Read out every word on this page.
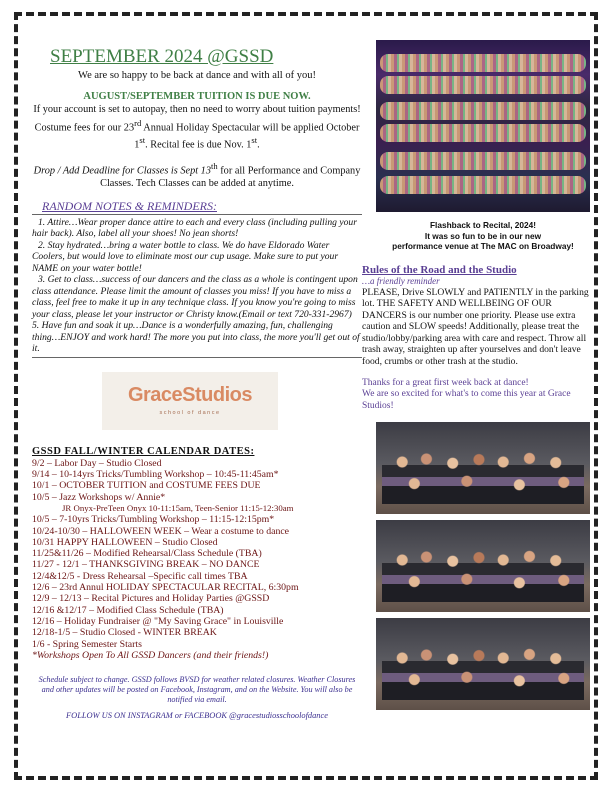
SEPTEMBER 2024 @GSSD
We are so happy to be back at dance and with all of you!
AUGUST/SEPTEMBER TUITION IS DUE NOW.

If your account is set to autopay, then no need to worry about tuition payments! Costume fees for our 23rd Annual Holiday Spectacular will be applied October 1st. Recital fee is due Nov. 1st.

Drop / Add Deadline for Classes is Sept 13th for all Performance and Company Classes. Tech Classes can be added at anytime.

RANDOM NOTES & REMINDERS:

1. Attire…Wear proper dance attire to each and every class (including pulling your hair back). Also, label all your shoes! No jean shorts!

2. Stay hydrated…bring a water bottle to class. We do have Eldorado Water Coolers, but would love to eliminate most our cup usage. Make sure to put your NAME on your water bottle!

3. Get to class…success of our dancers and the class as a whole is contingent upon class attendance. Please limit the amount of classes you miss! If you have to miss a class, feel free to make it up in any technique class. If you know you're going to miss your class, please let your instructor or Christy know.(Email or text 720-331-2967)

5. Have fun and soak it up…Dance is a wonderfully amazing, fun, challenging thing…ENJOY and work hard! The more you put into class, the more you'll get out of it.

GraceStudios
school of dance
GSSD FALL/WINTER CALENDAR DATES:
9/2 – Labor Day – Studio Closed
9/14 – 10-14yrs Tricks/Tumbling Workshop – 10:45-11:45am*
10/1 – OCTOBER TUITION and COSTUME FEES DUE
10/5 – Jazz Workshops w/ Annie*
JR Onyx-PreTeen Onyx 10-11:15am, Teen-Senior 11:15-12:30am
10/5 – 7-10yrs Tricks/Tumbling Workshop – 11:15-12:15pm*
10/24-10/30 – HALLOWEEN WEEK – Wear a costume to dance
10/31 HAPPY HALLOWEEN – Studio Closed
11/25&11/26 – Modified Rehearsal/Class Schedule (TBA)
11/27 - 12/1 – THANKSGIVING BREAK – NO DANCE
12/4&12/5 - Dress Rehearsal –Specific call times TBA
12/6 – 23rd Annul HOLIDAY SPECTACULAR RECITAL, 6:30pm
12/9 – 12/13 – Recital Pictures and Holiday Parties @GSSD
12/16 &12/17 – Modified Class Schedule (TBA)
12/16 – Holiday Fundraiser @ "My Saving Grace" in Louisville
12/18-1/5 – Studio Closed - WINTER BREAK
1/6 - Spring Semester Starts
*Workshops Open To All GSSD Dancers (and their friends!)
Schedule subject to change. GSSD follows BVSD for weather related closures. Weather Closures and other updates will be posted on Facebook, Instagram, and on the Website. You will also be notified via email.
FOLLOW US ON INSTAGRAM or FACEBOOK @gracestudiosschoolofdance
Flashback to Recital, 2024!
It was so fun to be in our new
performance venue at The MAC on Broadway!
Rules of the Road and the Studio
…a friendly reminder
PLEASE, Drive SLOWLY and PATIENTLY in the parking lot. THE SAFETY AND WELLBEING OF OUR DANCERS is our number one priority. Please use extra caution and SLOW speeds! Additionally, please treat the studio/lobby/parking area with care and respect. Throw all trash away, straighten up after yourselves and don't leave food, crumbs or other trash at the studio.
Thanks for a great first week back at dance!
We are so excited for what's to come this year at Grace Studios!
